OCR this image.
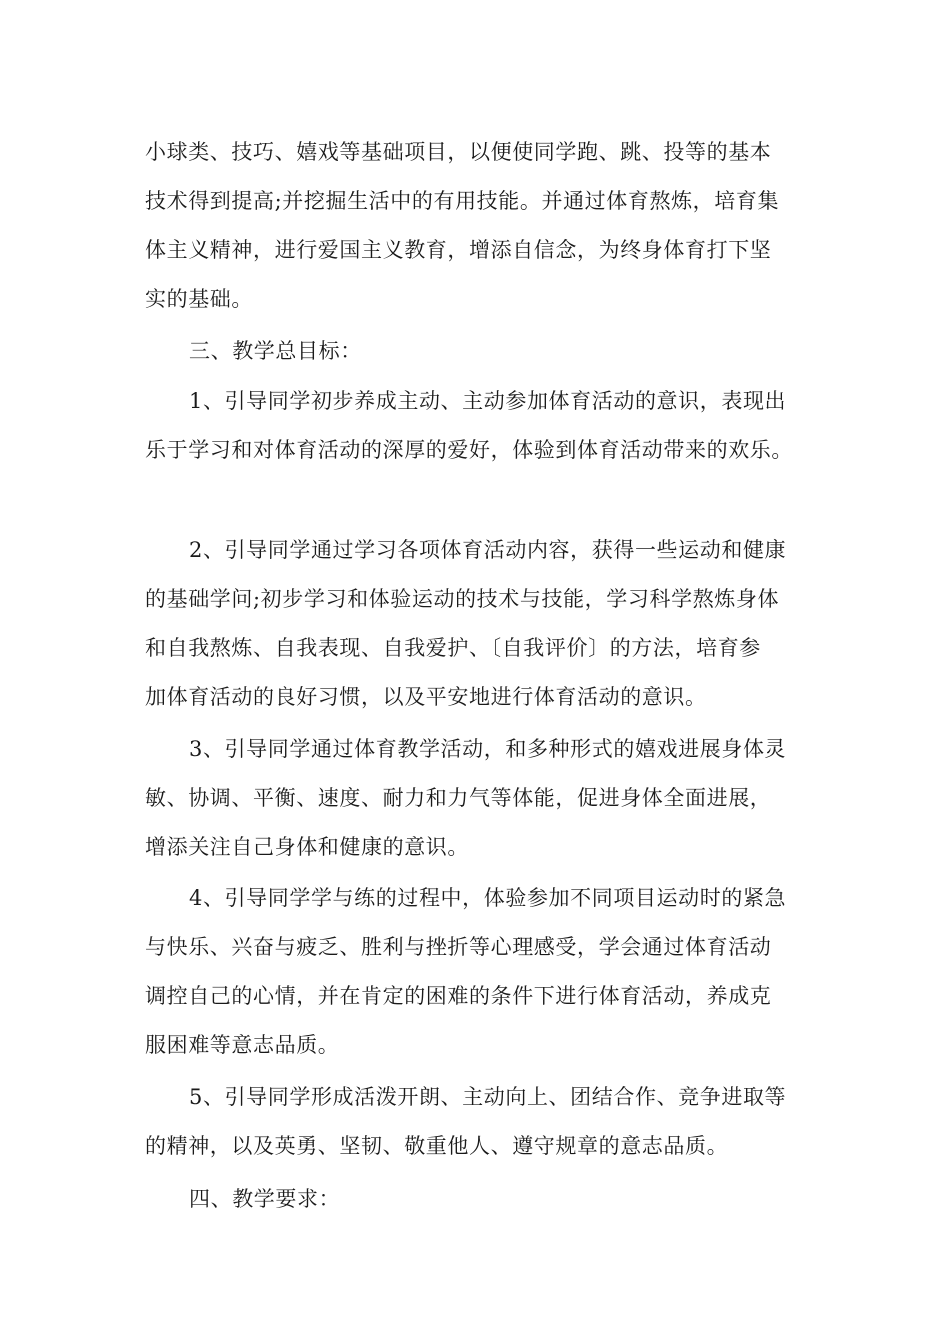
小球类、技巧、嬉戏等基础项目，以便使同学跑、跳、投等的基本
技术得到提高;并挖掘生活中的有用技能。并通过体育熬炼，培育集
体主义精神，进行爱国主义教育，增添自信念，为终身体育打下坚
实的基础。
三、教学总目标：
1、引导同学初步养成主动、主动参加体育活动的意识，表现出
乐于学习和对体育活动的深厚的爱好，体验到体育活动带来的欢乐。
2、引导同学通过学习各项体育活动内容，获得一些运动和健康
的基础学问;初步学习和体验运动的技术与技能，学习科学熬炼身体
和自我熬炼、自我表现、自我爱护、〔自我评价〕的方法，培育参
加体育活动的良好习惯，以及平安地进行体育活动的意识。
3、引导同学通过体育教学活动，和多种形式的嬉戏进展身体灵
敏、协调、平衡、速度、耐力和力气等体能，促进身体全面进展，
增添关注自己身体和健康的意识。
4、引导同学学与练的过程中，体验参加不同项目运动时的紧急
与快乐、兴奋与疲乏、胜利与挫折等心理感受，学会通过体育活动
调控自己的心情，并在肯定的困难的条件下进行体育活动，养成克
服困难等意志品质。
5、引导同学形成活泼开朗、主动向上、团结合作、竞争进取等
的精神，以及英勇、坚韧、敬重他人、遵守规章的意志品质。
四、教学要求：
